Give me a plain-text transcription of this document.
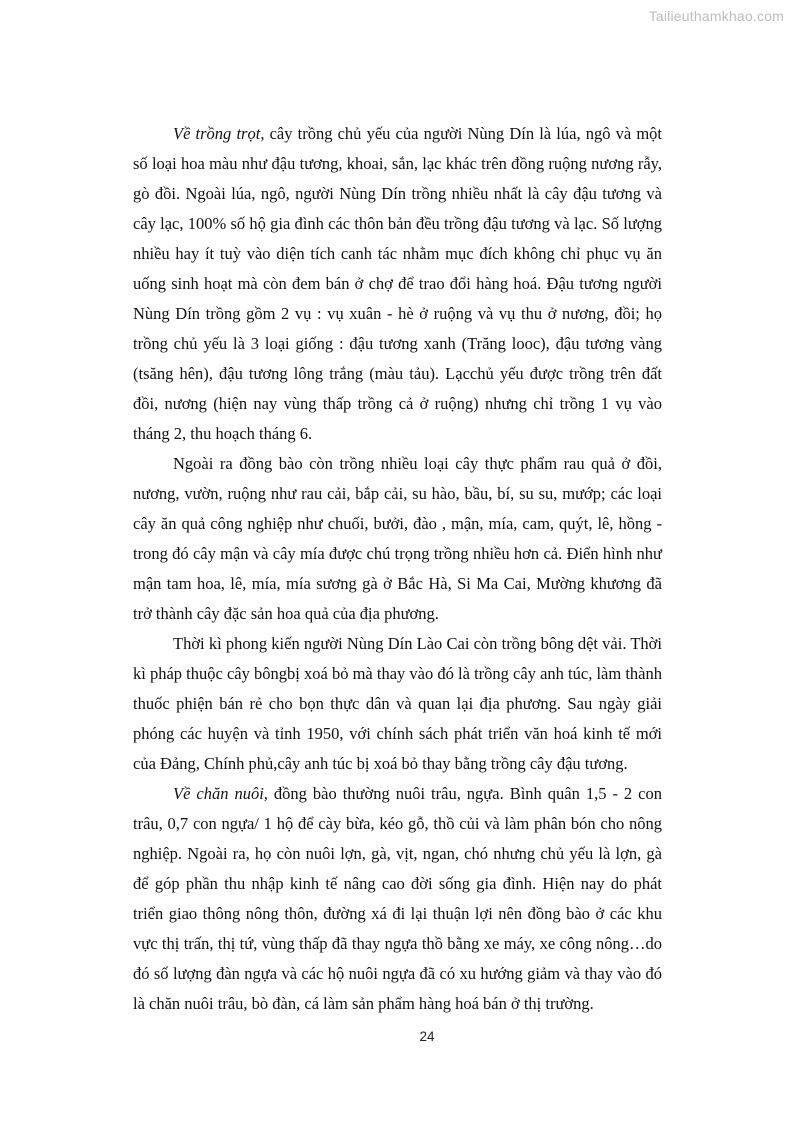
Tailieuthamkhao.com

Về trồng trọt, cây trồng chủ yếu của người Nùng Dín là lúa, ngô và một số loại hoa màu như đậu tương, khoai, sắn, lạc khác trên đồng ruộng nương rẫy, gò đồi. Ngoài lúa, ngô, người Nùng Dín trồng nhiều nhất là cây đậu tương và cây lạc, 100% số hộ gia đình các thôn bản đều trồng đậu tương và lạc. Số lượng nhiều hay ít tuỳ vào diện tích canh tác nhằm mục đích không chỉ phục vụ ăn uống sinh hoạt mà còn đem bán ở chợ để trao đổi hàng hoá. Đậu tương người Nùng Dín trồng gồm 2 vụ : vụ xuân - hè ở ruộng và vụ thu ở nương, đồi; họ trồng chủ yếu là 3 loại giống : đậu tương xanh (Trăng looc), đậu tương vàng (tsăng hên), đậu tương lông trắng (màu tảu). Lạcchủ yếu được trồng trên đất đồi, nương (hiện nay vùng thấp trồng cả ở ruộng) nhưng chỉ trồng 1 vụ vào tháng 2, thu hoạch tháng 6.

Ngoài ra đồng bào còn trồng nhiều loại cây thực phẩm rau quả ở đồi, nương, vườn, ruộng như rau cải, bắp cải, su hào, bầu, bí, su su, mướp; các loại cây ăn quả công nghiệp như chuối, bưởi, đào , mận, mía, cam, quýt, lê, hồng - trong đó cây mận và cây mía được chú trọng trồng nhiều hơn cả. Điển hình như mận tam hoa, lê, mía, mía sương gà ở Bắc Hà, Si Ma Cai, Mường khương đã trở thành cây đặc sản hoa quả của địa phương.

Thời kì phong kiến người Nùng Dín Lào Cai còn trồng bông dệt vải. Thời kì pháp thuộc cây bôngbị xoá bỏ mà thay vào đó là trồng cây anh túc, làm thành thuốc phiện bán rẻ cho bọn thực dân và quan lại địa phương. Sau ngày giải phóng các huyện và tỉnh 1950, với chính sách phát triển văn hoá kinh tế mới của Đảng, Chính phủ,cây anh túc bị xoá bỏ thay bằng trồng cây đậu tương.

Về chăn nuôi, đồng bào thường nuôi trâu, ngựa. Bình quân 1,5 - 2 con trâu, 0,7 con ngựa/ 1 hộ để cày bừa, kéo gỗ, thồ củi và làm phân bón cho nông nghiệp. Ngoài ra, họ còn nuôi lợn, gà, vịt, ngan, chó nhưng chủ yếu là lợn, gà để góp phần thu nhập kinh tế nâng cao đời sống gia đình. Hiện nay do phát triển giao thông nông thôn, đường xá đi lại thuận lợi nên đồng bào ở các khu vực thị trấn, thị tứ, vùng thấp đã thay ngựa thồ bằng xe máy, xe công nông…do đó số lượng đàn ngựa và các hộ nuôi ngựa đã có xu hướng giảm và thay vào đó là chăn nuôi trâu, bò đàn, cá làm sản phẩm hàng hoá bán ở thị trường.

24
